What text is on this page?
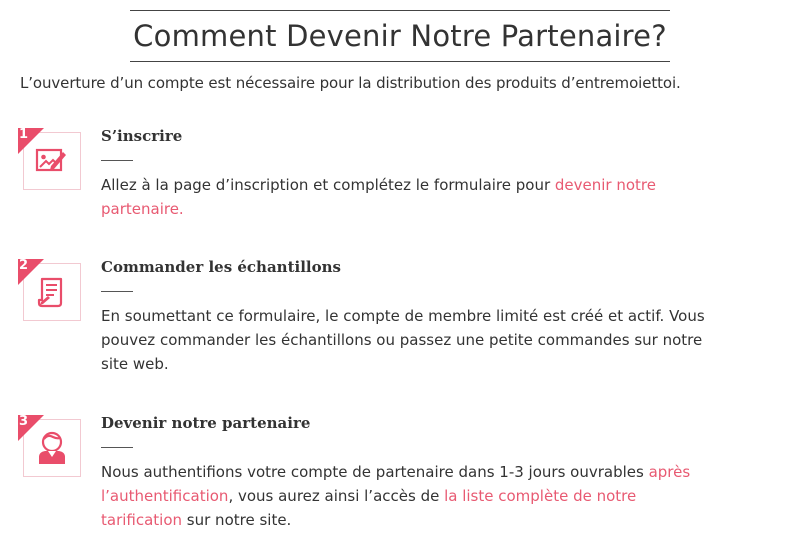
Comment Devenir Notre Partenaire?
L’ouverture d’un compte est nécessaire pour la distribution des produits d’entremoiettoi.
1	S’inscrire
Allez à la page d’inscription et complétez le formulaire pour devenir notre partenaire.
2	Commander les échantillons
En soumettant ce formulaire, le compte de membre limité est créé et actif. Vous pouvez commander les échantillons ou passez une petite commandes sur notre site web.
3	Devenir notre partenaire
Nous authentifions votre compte de partenaire dans 1-3 jours ouvrables après l’authentification, vous aurez ainsi l’accès de la liste complète de notre tarification sur notre site.
